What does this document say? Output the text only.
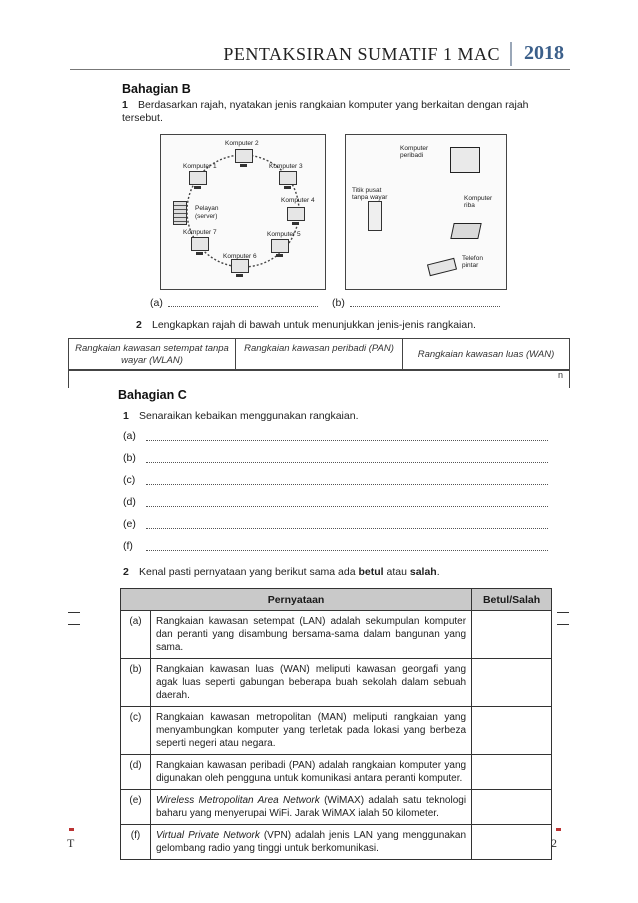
PENTAKSIRAN SUMATIF 1 MAC 2018
Bahagian B
1 Berdasarkan rajah, nyatakan jenis rangkaian komputer yang berkaitan dengan rajah tersebut.
Komputer 2
Komputer 1	Komputer 3
Komputer 4
Pelayan
(server)
Komputer 7	Komputer 5
Komputer 6
Komputer
peribadi
Titik pusat
tanpa wayar	Komputer
riba
Telefon
pintar
(a)	(b)
2 Lengkapkan rajah di bawah untuk menunjukkan jenis-jenis rangkaian.
Rangkaian kawasan setempat tanpa wayar (WLAN)
Rangkaian kawasan peribadi (PAN)
Rangkaian kawasan luas (WAN)
n
Bahagian C
1 Senaraikan kebaikan menggunakan rangkaian.
(a)
(b)
(c)
(d)
(e)
(f)
2 Kenal pasti pernyataan yang berikut sama ada betul atau salah.
Pernyataan		Betul/Salah
(a)	Rangkaian kawasan setempat (LAN) adalah sekumpulan komputer dan peranti yang disambung bersama-sama dalam bangunan yang sama.	
(b)	Rangkaian kawasan luas (WAN) meliputi kawasan georgafi yang agak luas seperti gabungan beberapa buah sekolah dalam sebuah daerah.	
(c)	Rangkaian kawasan metropolitan (MAN) meliputi rangkaian yang menyambungkan komputer yang terletak pada lokasi yang berbeza seperti negeri atau negara.	
(d)	Rangkaian kawasan peribadi (PAN) adalah rangkaian komputer yang digunakan oleh pengguna untuk komunikasi antara peranti komputer.	
(e)	Wireless Metropolitan Area Network (WiMAX) adalah satu teknologi baharu yang menyerupai WiFi. Jarak WiMAX ialah 50 kilometer.	
(f)	Virtual Private Network (VPN) adalah jenis LAN yang menggunakan gelombang radio yang tinggi untuk berkomunikasi.	
T	2
